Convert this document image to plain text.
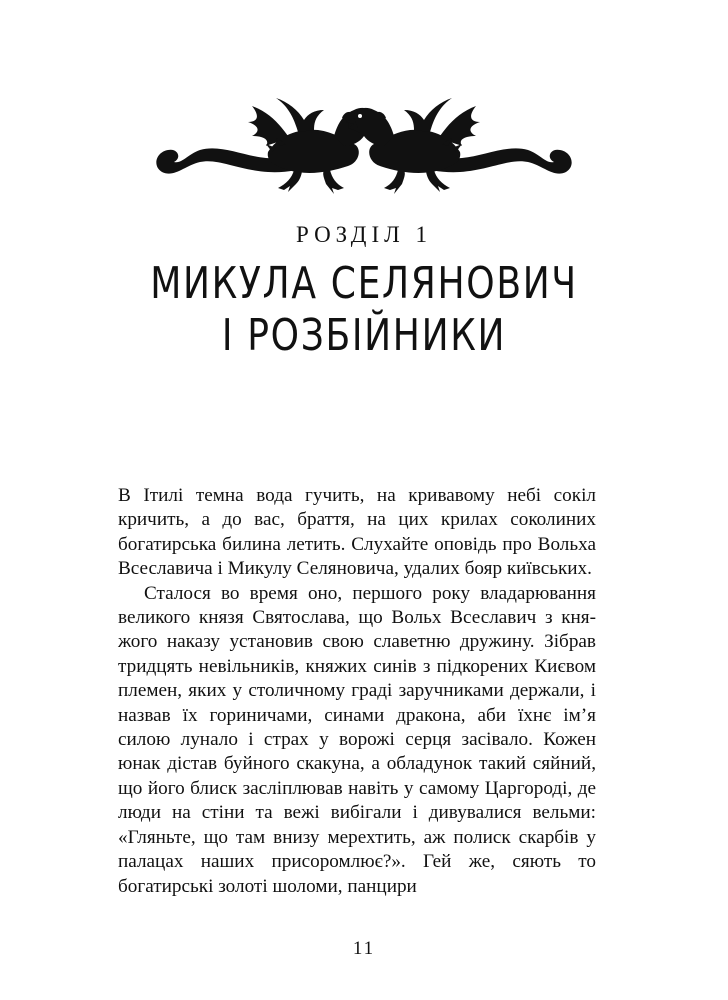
РОЗДІЛ 1
МИКУЛА СЕЛЯНОВИЧ
І РОЗБІЙНИКИ

В Ітилі темна вода гучить, на кривавому небі сокіл кричить, а до вас, браття, на цих крилах соколиних богатирська билина летить. Слухайте оповідь про Вольха Всеславича і Микулу Селяновича, удалих бояр київських.

Сталося во время оно, першого року владарювання великого князя Святослава, що Вольх Всеславич з княжого наказу установив свою славетню дружину. Зібрав тридцять невільників, княжих синів з підкорених Києвом племен, яких у столичному граді заручниками держали, і назвав їх гориничами, синами дракона, аби їхнє ім’я силою лунало і страх у ворожі серця засівало. Кожен юнак дістав буйного скакуна, а обладунок такий сяйний, що його блиск засліплював навіть у самому Царгороді, де люди на стіни та вежі вибігали і дивувалися вельми: «Гляньте, що там внизу мерехтить, аж полиск скарбів у палацах наших присоромлює?». Гей же, сяють то богатирські золоті шоломи, панцири

11
